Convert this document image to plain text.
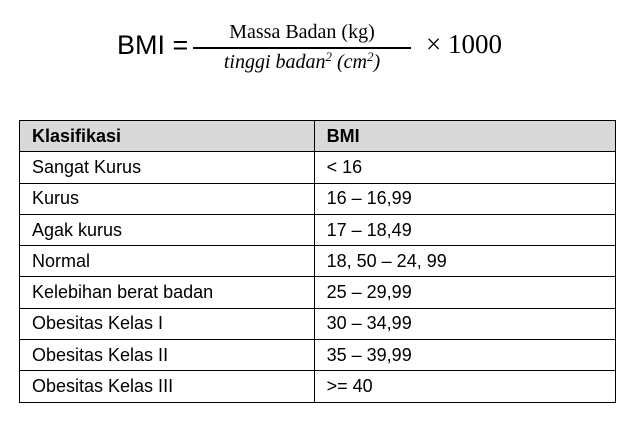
BMI =	Massa Badan (kg)
tinggi badan$^2$ $(cm^2)$
× 1000
Klasifikasi	BMI
Sangat Kurus	< 16
Kurus	16 – 16,99
Agak kurus	17 – 18,49
Normal	18, 50 – 24, 99
Kelebihan berat badan	25 – 29,99
Obesitas Kelas I	30 – 34,99
Obesitas Kelas II	35 – 39,99
Obesitas Kelas III	>= 40
